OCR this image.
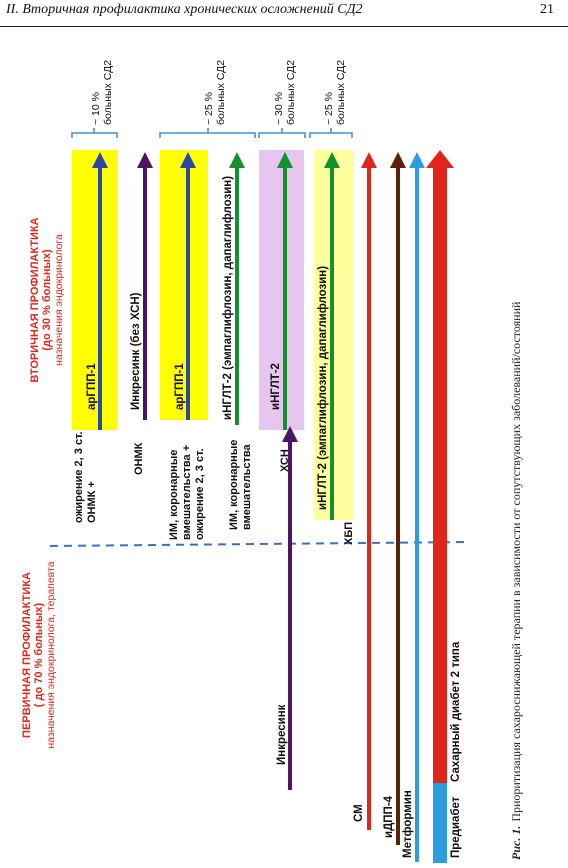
II. Вторичная профилактика хронических осложнений СД2	21
ВТОРИЧНАЯ ПРОФИЛАКТИКА (до 30 % больных) назначения эндокринолога
ПЕРВИЧНАЯ ПРОФИЛАКТИКА ( до 70 % больных) назначения эндокринолога, терапевта
~ 10 % больных СД2	~ 25 % больных СД2	~ 30 % больных СД2 ~ 25 % больных СД2
арГПП-1	Инкресинк (без ХСН)	арГПП-1	иНГЛТ-2 (эмпаглифлозин, дапаглифлозин)	иНГЛТ-2	иНГЛТ-2 (эмпаглифлозин, дапаглифлозин)
ОНМК +
ожирение 2, 3 ст.	ОНМК ИМ, коронарные вмешательства + ожирение 2, 3 ст. ИМ, коронарные вмешательства ХСН
ХБП
Инкресинк
СМ иДПП-4 Метформин	Предиабет
Сахарный диабет 2 типа
Рис. 1.Приоритизация сахароснижающей терапии в зависимости от сопутствующих заболеваний/состояний
